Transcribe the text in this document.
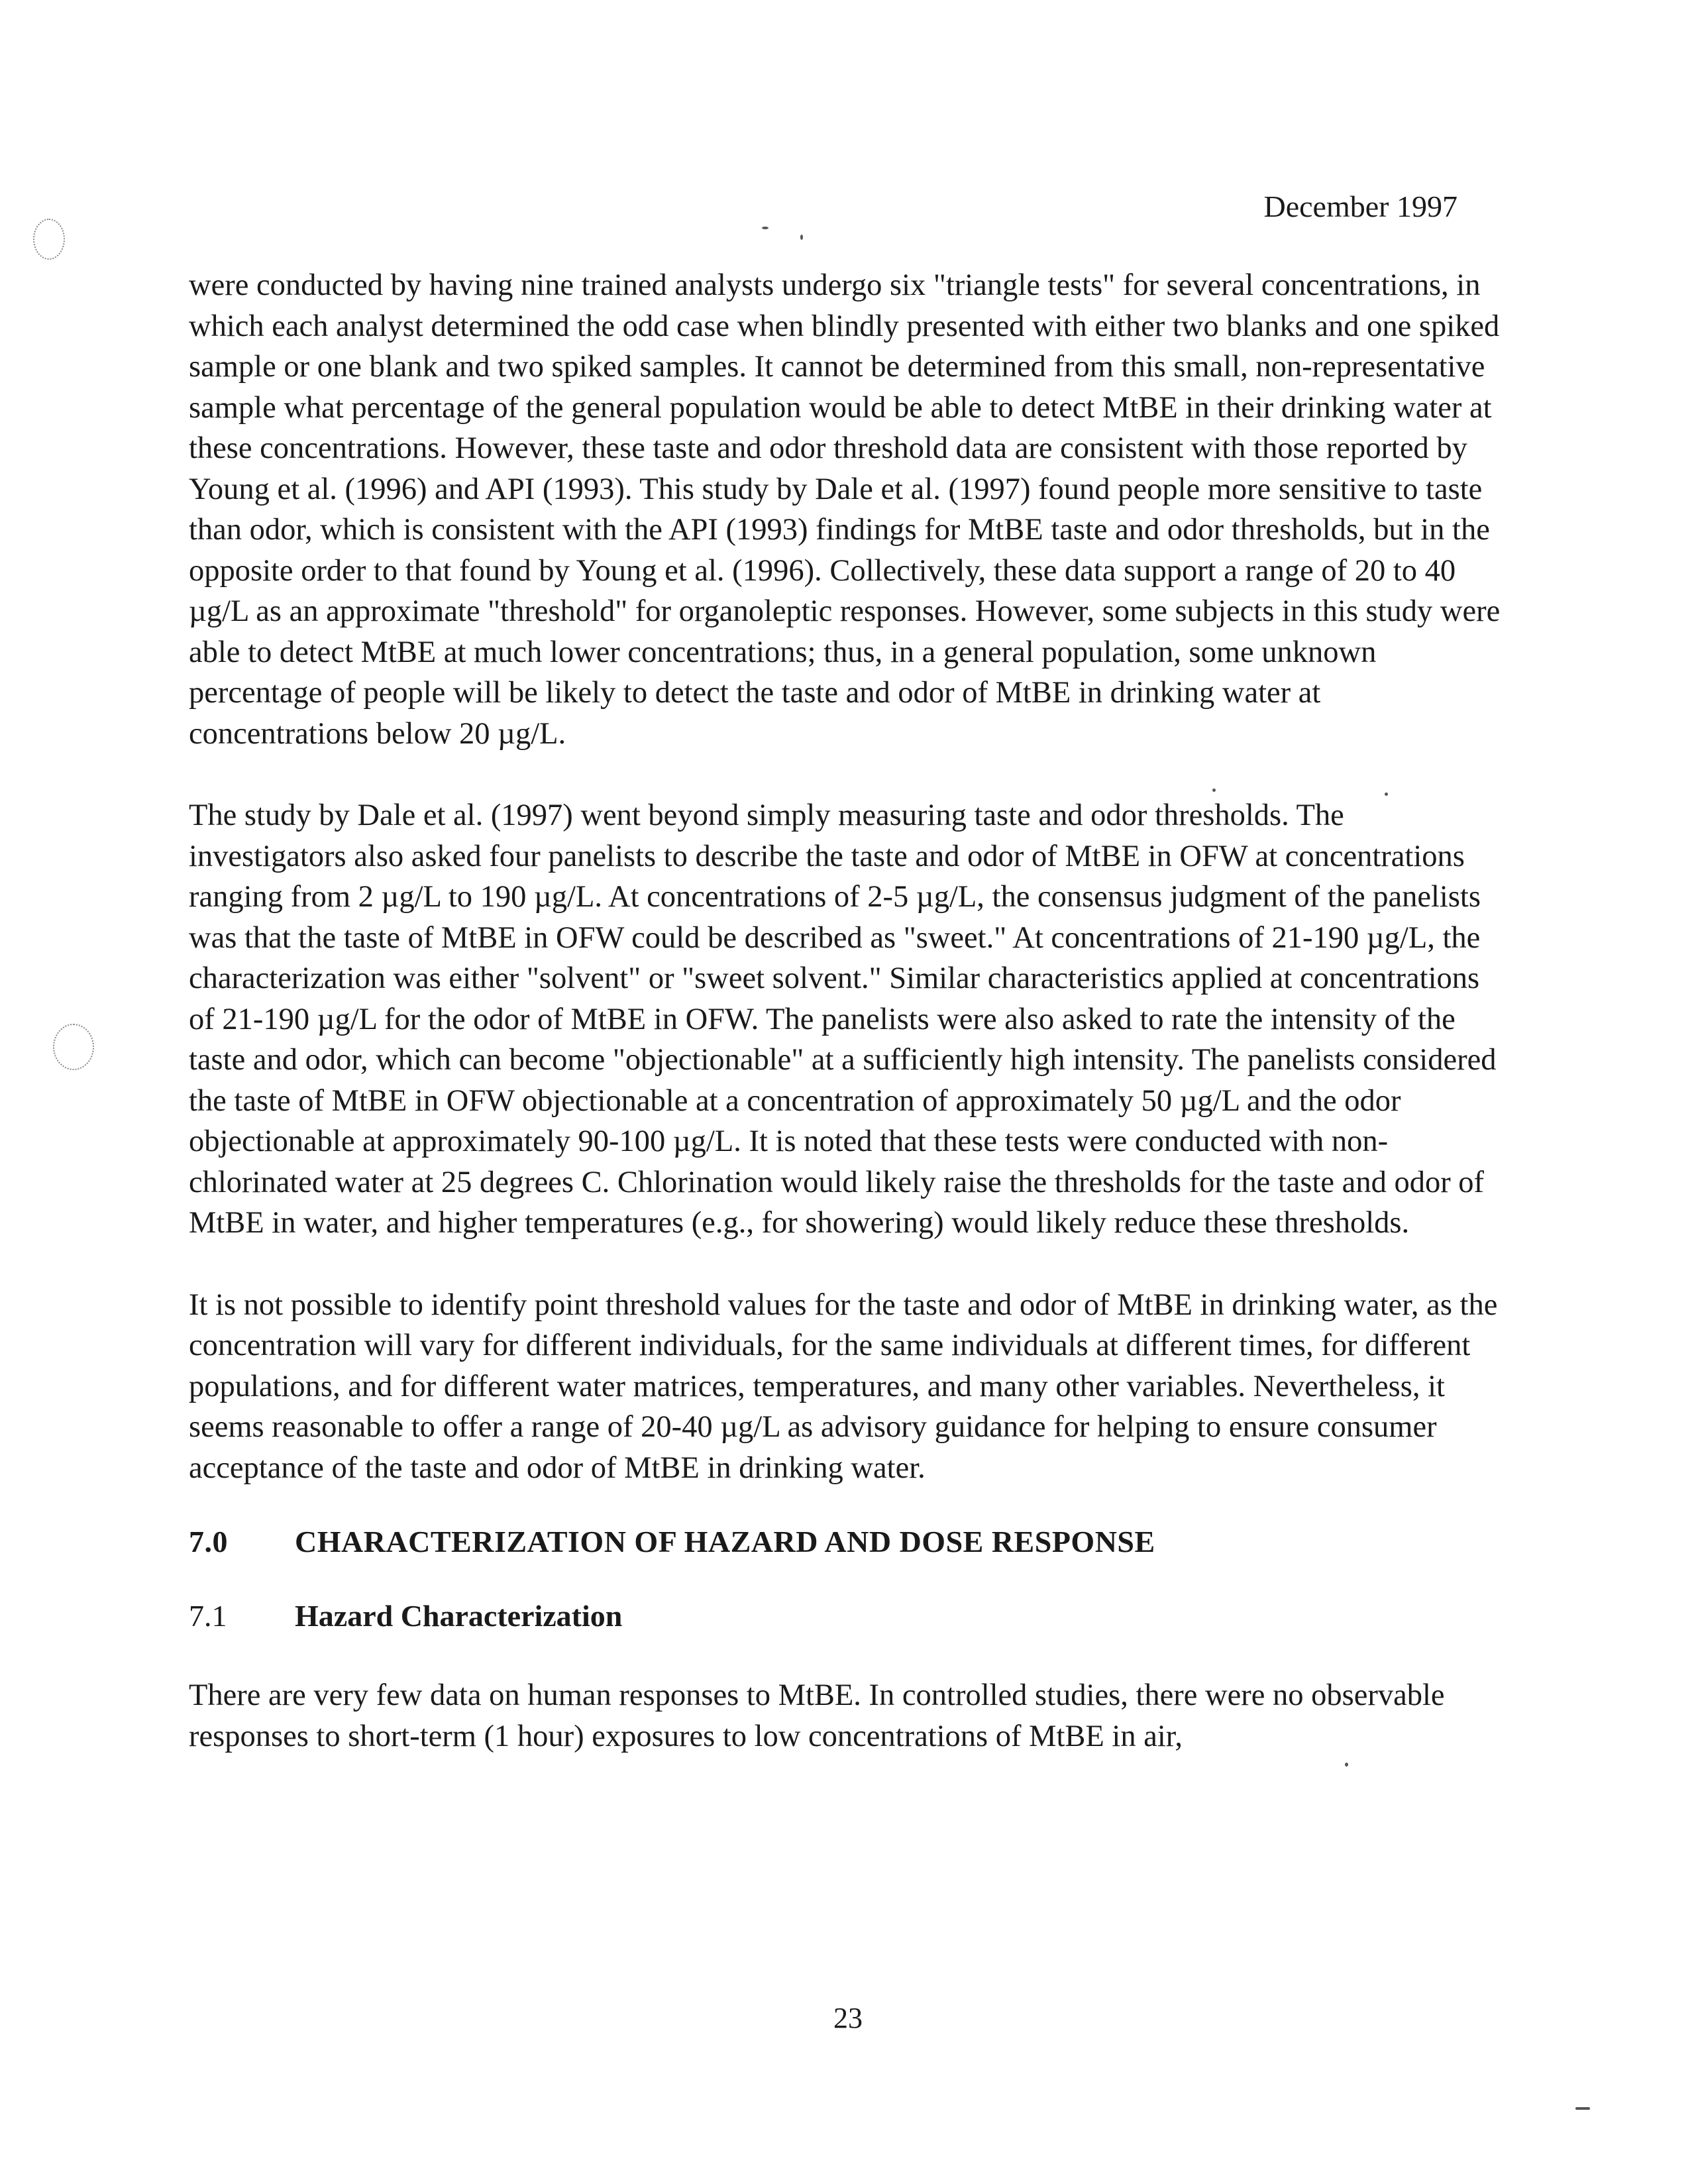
December 1997

were conducted by having nine trained analysts undergo six "triangle tests" for several concentrations, in which each analyst determined the odd case when blindly presented with either two blanks and one spiked sample or one blank and two spiked samples. It cannot be determined from this small, non-representative sample what percentage of the general population would be able to detect MtBE in their drinking water at these concentrations. However, these taste and odor threshold data are consistent with those reported by Young et al. (1996) and API (1993). This study by Dale et al. (1997) found people more sensitive to taste than odor, which is consistent with the API (1993) findings for MtBE taste and odor thresholds, but in the opposite order to that found by Young et al. (1996). Collectively, these data support a range of 20 to 40 µg/L as an approximate "threshold" for organoleptic responses. However, some subjects in this study were able to detect MtBE at much lower concentrations; thus, in a general population, some unknown percentage of people will be likely to detect the taste and odor of MtBE in drinking water at concentrations below 20 µg/L.

The study by Dale et al. (1997) went beyond simply measuring taste and odor thresholds. The investigators also asked four panelists to describe the taste and odor of MtBE in OFW at concentrations ranging from 2 µg/L to 190 µg/L. At concentrations of 2-5 µg/L, the consensus judgment of the panelists was that the taste of MtBE in OFW could be described as "sweet." At concentrations of 21-190 µg/L, the characterization was either "solvent" or "sweet solvent." Similar characteristics applied at concentrations of 21-190 µg/L for the odor of MtBE in OFW. The panelists were also asked to rate the intensity of the taste and odor, which can become "objectionable" at a sufficiently high intensity. The panelists considered the taste of MtBE in OFW objectionable at a concentration of approximately 50 µg/L and the odor objectionable at approximately 90-100 µg/L. It is noted that these tests were conducted with non-chlorinated water at 25 degrees C. Chlorination would likely raise the thresholds for the taste and odor of MtBE in water, and higher temperatures (e.g., for showering) would likely reduce these thresholds.

It is not possible to identify point threshold values for the taste and odor of MtBE in drinking water, as the concentration will vary for different individuals, for the same individuals at different times, for different populations, and for different water matrices, temperatures, and many other variables. Nevertheless, it seems reasonable to offer a range of 20-40 µg/L as advisory guidance for helping to ensure consumer acceptance of the taste and odor of MtBE in drinking water.

7.0	CHARACTERIZATION OF HAZARD AND DOSE RESPONSE
7.1	Hazard Characterization

There are very few data on human responses to MtBE. In controlled studies, there were no observable responses to short-term (1 hour) exposures to low concentrations of MtBE in air,

23
